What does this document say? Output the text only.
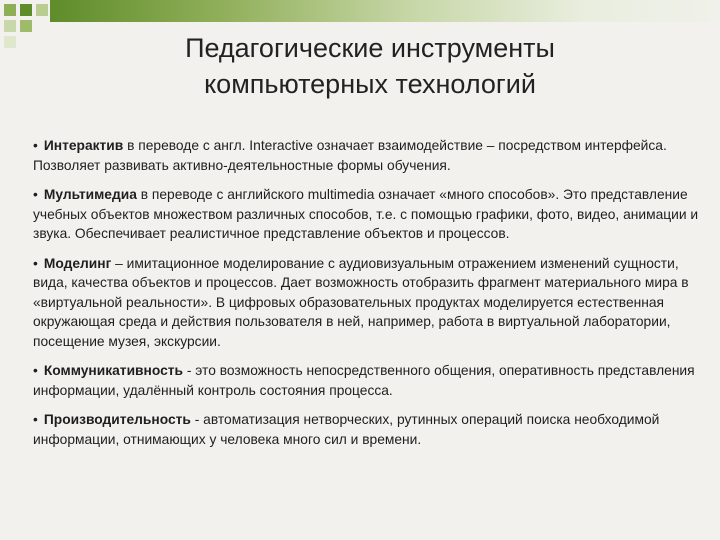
Педагогические инструменты компьютерных технологий
• Интерактив в переводе с англ. Interactive означает взаимодействие – посредством интерфейса. Позволяет развивать активно-деятельностные формы обучения.
• Мультимедиа в переводе с английского multimedia означает «много способов». Это представление учебных объектов множеством различных способов, т.е. с помощью графики, фото, видео, анимации и звука. Обеспечивает реалистичное представление объектов и процессов.
• Моделинг – имитационное моделирование с аудиовизуальным отражением изменений сущности, вида, качества объектов и процессов. Дает возможность отобразить фрагмент материального мира в «виртуальной реальности». В цифровых образовательных продуктах моделируется естественная окружающая среда и действия пользователя в ней, например, работа в виртуальной лаборатории, посещение музея, экскурсии.
• Коммуникативность - это возможность непосредственного общения, оперативность представления информации, удалённый контроль состояния процесса.
• Производительность - автоматизация нетворческих, рутинных операций поиска необходимой информации, отнимающих у человека много сил и времени.
